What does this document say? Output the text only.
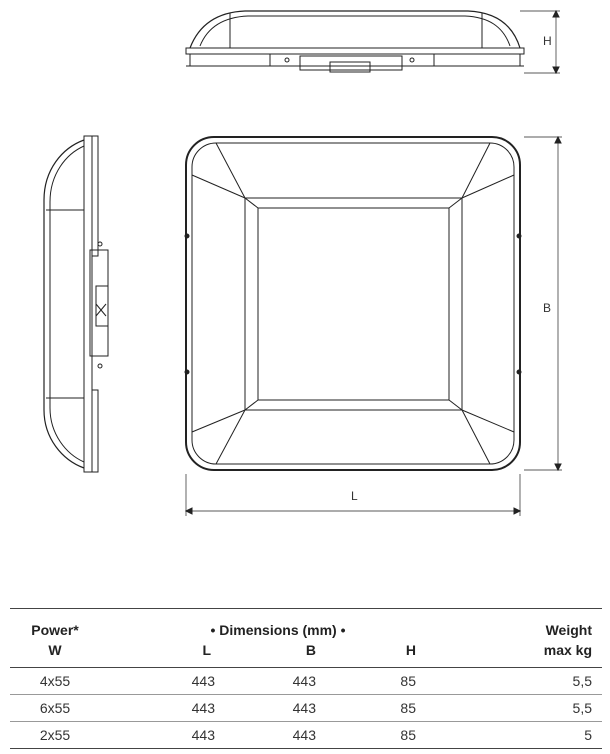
H
B
L
Power*	• Dimensions (mm) •			Weight
W	L	B	H	max kg
4x55	443	443	85	5,5
6x55	443	443	85	5,5
2x55	443	443	85	5
